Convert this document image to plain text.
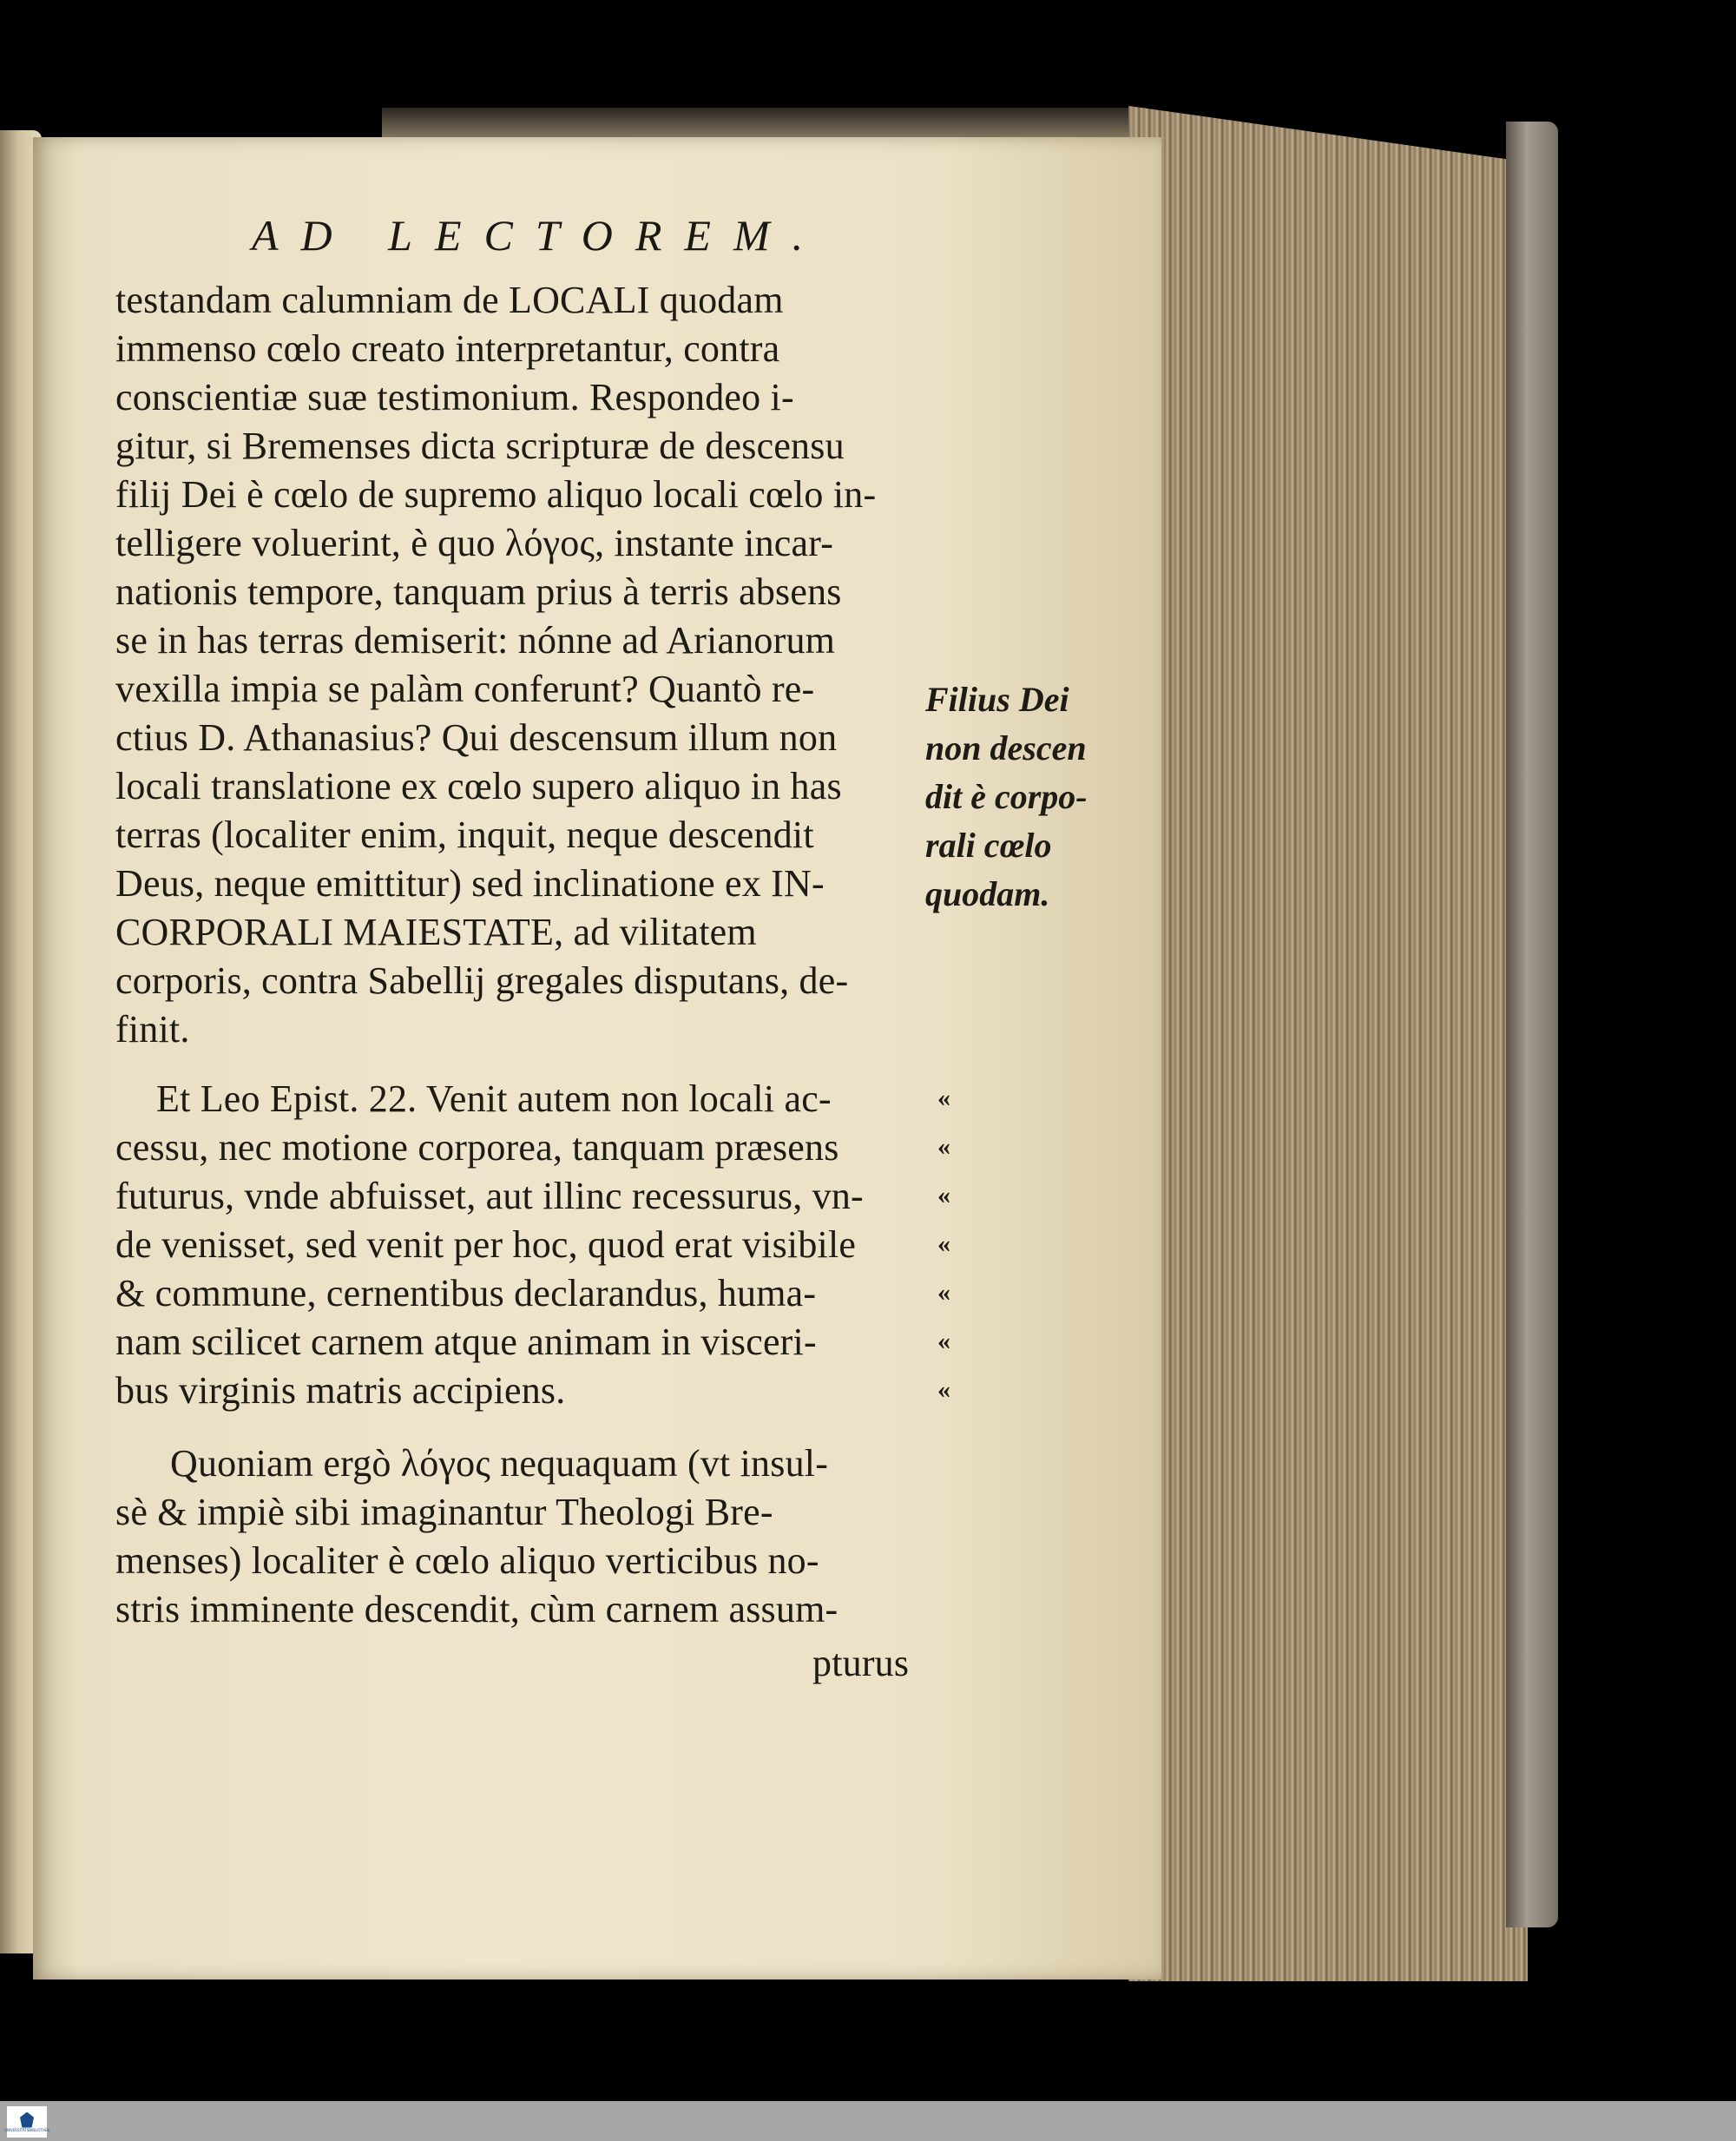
AD LECTOREM.
testandam calumniam de LOCALI quodam
immenso cœlo creato interpretantur, contra
conscientiæ suæ testimonium. Respondeo i-
gitur, si Bremenses dicta scripturæ de descensu
filij Dei è cœlo de supremo aliquo locali cœlo in-
telligere voluerint, è quo λόγος, instante incar-
nationis tempore, tanquam prius à terris absens
se in has terras demiserit: nónne ad Arianorum
vexilla impia se palàm conferunt? Quantò re-
ctius D. Athanasius? Qui descensum illum non
locali translatione ex cœlo supero aliquo in has
terras (localiter enim, inquit, neque descendit
Deus, neque emittitur) sed inclinatione ex IN-
CORPORALI MAIESTATE, ad vilitatem
corporis, contra Sabellij gregales disputans, de-
finit.
Et Leo Epist. 22. Venit autem non locali ac-
cessu, nec motione corporea, tanquam præsens
futurus, vnde abfuisset, aut illinc recessurus, vn-
de venisset, sed venit per hoc, quod erat visibile
& commune, cernentibus declarandus, huma-
nam scilicet carnem atque animam in visceri-
bus virginis matris accipiens.
Quoniam ergò λόγος nequaquam (vt insul-
sè & impiè sibi imaginantur Theologi Bre-
menses) localiter è cœlo aliquo verticibus no-
stris imminente descendit, cùm carnem assum-
pturus
Filius Dei
non descen
dit è corpo-
rali cœlo
quodam.
«
«
«
«
«
«
«
UNIVERSITÄTSBIBLIOTHEK
